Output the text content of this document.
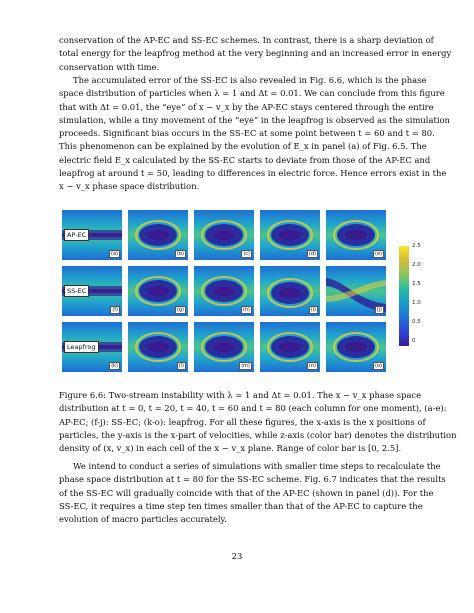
conservation of the AP-EC and SS-EC schemes. In contrast, there is a sharp deviation of
total energy for the leapfrog method at the very beginning and an increased error in energy
conservation with time.
The accumulated error of the SS-EC is also revealed in Fig. 6.6, which is the phase
space distribution of particles when λ = 1 and Δt = 0.01. We can conclude from this figure
that with Δt = 0.01, the “eye” of x − v_x by the AP-EC stays centered through the entire
simulation, while a tiny movement of the “eye” in the leapfrog is observed as the simulation
proceeds. Significant bias occurs in the SS-EC at some point between t = 60 and t = 80.
This phenomenon can be explained by the evolution of E_x in panel (a) of Fig. 6.5. The
electric field E_x calculated by the SS-EC starts to deviate from those of the AP-EC and
leapfrog at around t = 50, leading to differences in electric force. Hence errors exist in the
x − v_x phase space distribution.
(a)
AP-EC
(b)	(c)	(d)	(e)
(f)
SS-EC
(g)	(h)	(i)	(j)
(k)
Leapfrog
(l)	(m)	(n)	(o)
2.5
2.0
1.5
1.0
0.5
0
Figure 6.6: Two-stream instability with λ = 1 and Δt = 0.01. The x − v_x phase space
distribution at t = 0, t = 20, t = 40, t = 60 and t = 80 (each column for one moment), (a-e):
AP-EC; (f-j): SS-EC; (k-o): leapfrog. For all these figures, the x-axis is the x positions of
particles, the y-axis is the x-part of velocities, while z-axis (color bar) denotes the distribution
density of (x, v_x) in each cell of the x − v_x plane. Range of color bar is [0, 2.5].
We intend to conduct a series of simulations with smaller time steps to recalculate the
phase space distribution at t = 80 for the SS-EC scheme. Fig. 6.7 indicates that the results
of the SS-EC will gradually coincide with that of the AP-EC (shown in panel (d)). For the
SS-EC, it requires a time step ten times smaller than that of the AP-EC to capture the
evolution of macro particles accurately.
23
